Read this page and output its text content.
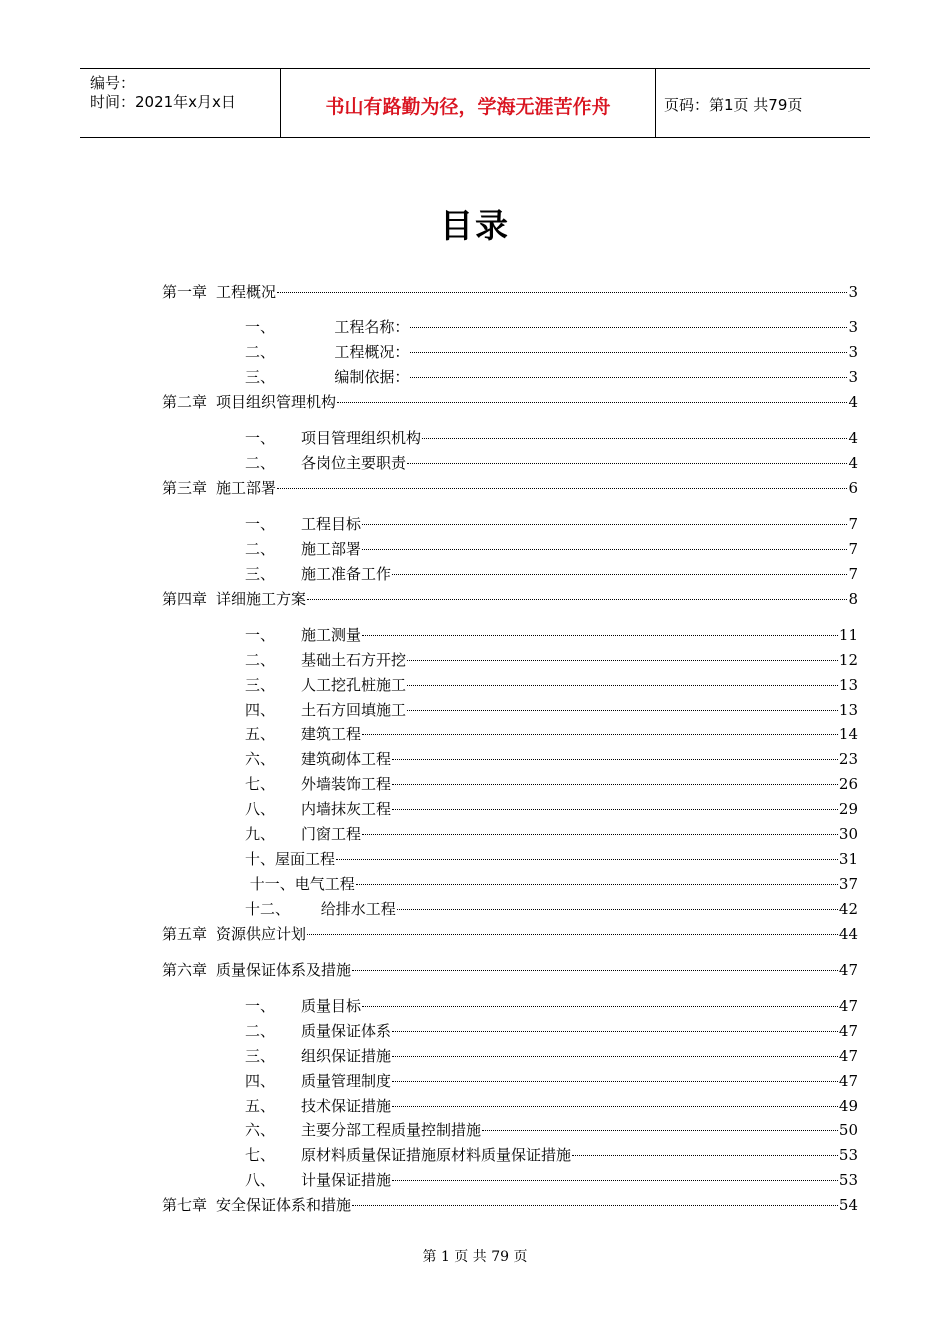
编号：
时间：2021年x月x日	书山有路勤为径，学海无涯苦作舟	页码：第1页 共79页
目录
第一章 工程概况	3
一、 工程名称：	3
二、 工程概况：	3
三、 编制依据：	3
第二章 项目组织管理机构	4
一、 项目管理组织机构	4
二、 各岗位主要职责	4
第三章 施工部署	6
一、 工程目标	7
二、 施工部署	7
三、 施工准备工作	7
第四章 详细施工方案	8
一、 施工测量	11
二、 基础土石方开挖	12
三、 人工挖孔桩施工	13
四、 土石方回填施工	13
五、 建筑工程	14
六、 建筑砌体工程	23
七、 外墙装饰工程	26
八、 内墙抹灰工程	29
九、 门窗工程	30
十、 屋面工程	31
十一、 电气工程	37
十二、 给排水工程	42
第五章 资源供应计划	44
第六章 质量保证体系及措施	47
一、 质量目标	47
二、 质量保证体系	47
三、 组织保证措施	47
四、 质量管理制度	47
五、 技术保证措施	49
六、 主要分部工程质量控制措施	50
七、 原材料质量保证措施原材料质量保证措施	53
八、 计量保证措施	53
第七章 安全保证体系和措施	54
第 1 页 共 79 页
